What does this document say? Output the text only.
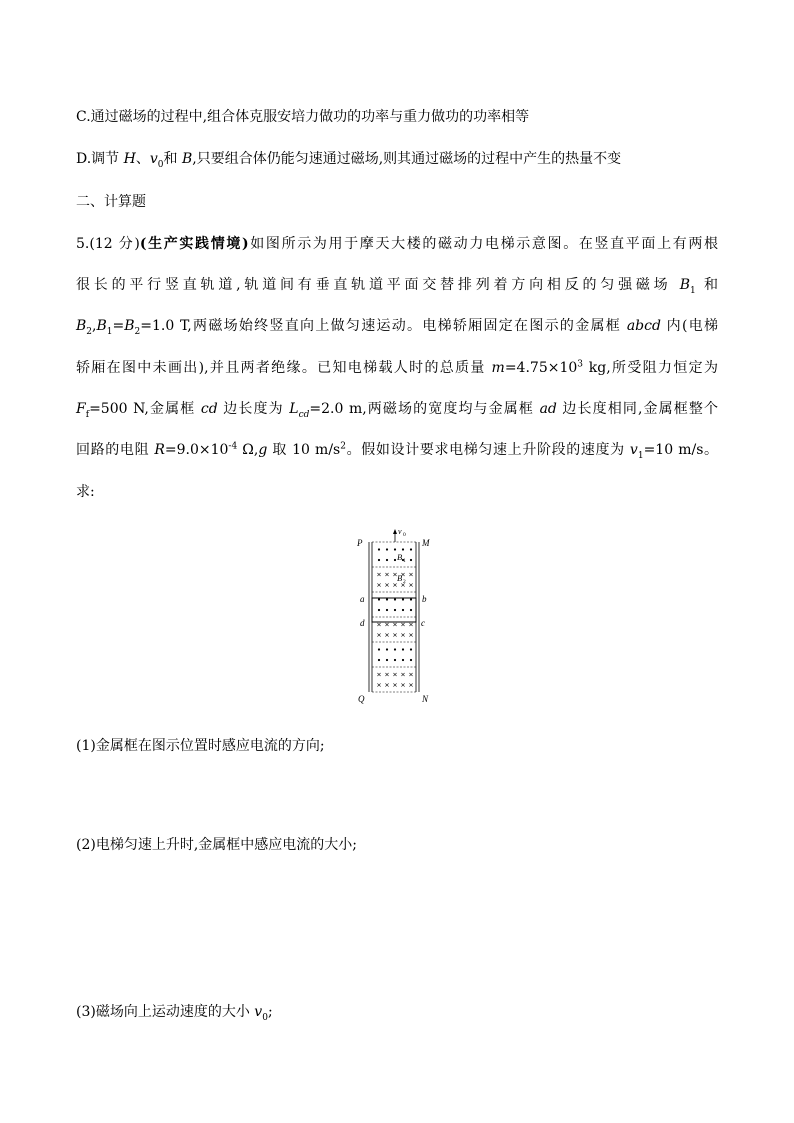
C.通过磁场的过程中,组合体克服安培力做功的功率与重力做功的功率相等
D.调节 H、$v_0$和 B,只要组合体仍能匀速通过磁场,则其通过磁场的过程中产生的热量不变
二、计算题
5.(12 分)(生产实践情境)如图所示为用于摩天大楼的磁动力电梯示意图。在竖直平面上有两根
很长的平行竖直轨道,轨道间有垂直轨道平面交替排列着方向相反的匀强磁场 $B_1$ 和
$B_2,B_1=B_2=1.0$ T,两磁场始终竖直向上做匀速运动。电梯轿厢固定在图示的金属框 abcd 内(电梯
轿厢在图中未画出),并且两者绝缘。已知电梯载人时的总质量 $m=4.75\times 10^3$ kg,所受阻力恒定为
$F_f=500$ N,金属框 cd 边长度为 $L_{cd}=2.0$ m,两磁场的宽度均与金属框 ad 边长度相同,金属框整个
回路的电阻 $R=9.0\times 10^{-4}$ Ω,g 取 10 $m/s^2$。假如设计要求电梯匀速上升阶段的速度为 $v_1=10$ m/s。
求:
P	M
Q	N
a	b
c
d
v 0
B 1
B 2
(1)金属框在图示位置时感应电流的方向;
(2)电梯匀速上升时,金属框中感应电流的大小;
(3)磁场向上运动速度的大小 $v_0$;
